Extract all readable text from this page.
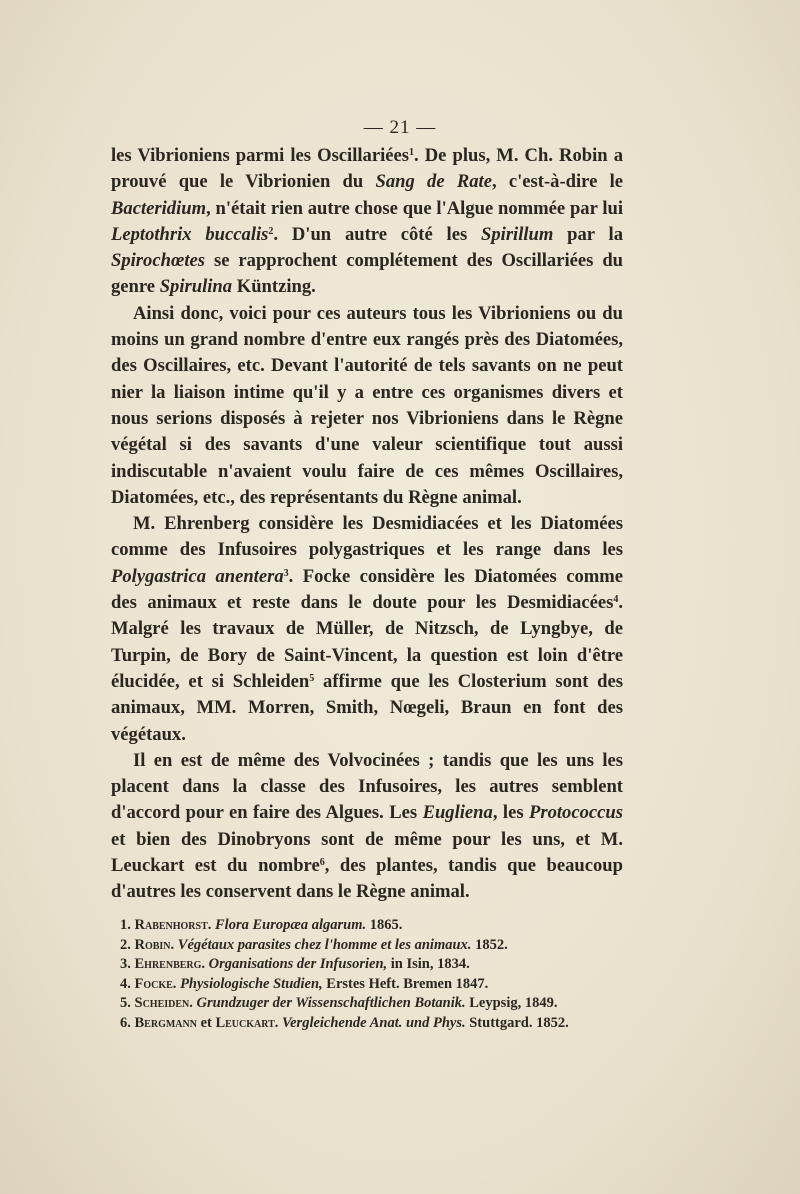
— 21 —

les Vibrioniens parmi les Oscillariées$^1$. De plus, M. Ch. Robin a prouvé que le Vibrionien du Sang de Rate, c'est-à-dire le Bacteridium, n'était rien autre chose que l'Algue nommée par lui Leptothrix buccalis$^2$. D'un autre côté les Spirillum par la Spirochœtes se rapprochent complétement des Oscillariées du genre Spirulina Küntzing.

Ainsi donc, voici pour ces auteurs tous les Vibrioniens ou du moins un grand nombre d'entre eux rangés près des Diatomées, des Oscillaires, etc. Devant l'autorité de tels savants on ne peut nier la liaison intime qu'il y a entre ces organismes divers et nous serions disposés à rejeter nos Vibrioniens dans le Règne végétal si des savants d'une valeur scientifique tout aussi indiscutable n'avaient voulu faire de ces mêmes Oscillaires, Diatomées, etc., des représentants du Règne animal.

M. Ehrenberg considère les Desmidiacées et les Diatomées comme des Infusoires polygastriques et les range dans les Polygastrica anentera$^3$. Focke considère les Diatomées comme des animaux et reste dans le doute pour les Desmidiacées$^4$. Malgré les travaux de Müller, de Nitzsch, de Lyngbye, de Turpin, de Bory de Saint-Vincent, la question est loin d'être élucidée, et si Schleiden$^5$ affirme que les Closterium sont des animaux, MM. Morren, Smith, Nœgeli, Braun en font des végétaux.

Il en est de même des Volvocinées ; tandis que les uns les placent dans la classe des Infusoires, les autres semblent d'accord pour en faire des Algues. Les Eugliena, les Protococcus et bien des Dinobryons sont de même pour les uns, et M. Leuckart est du nombre$^6$, des plantes, tandis que beaucoup d'autres les conservent dans le Règne animal.

1. Rabenhorst. Flora Europæa algarum. 1865.
2. Robin. Végétaux parasites chez l'homme et les animaux. 1852.
3. Ehrenberg. Organisations der Infusorien, in Isin, 1834.
4. Focke. Physiologische Studien, Erstes Heft. Bremen 1847.
5. Scheiden. Grundzuger der Wissenschaftlichen Botanik. Leypsig, 1849.
6. Bergmann et Leuckart. Vergleichende Anat. und Phys. Stuttgard. 1852.
